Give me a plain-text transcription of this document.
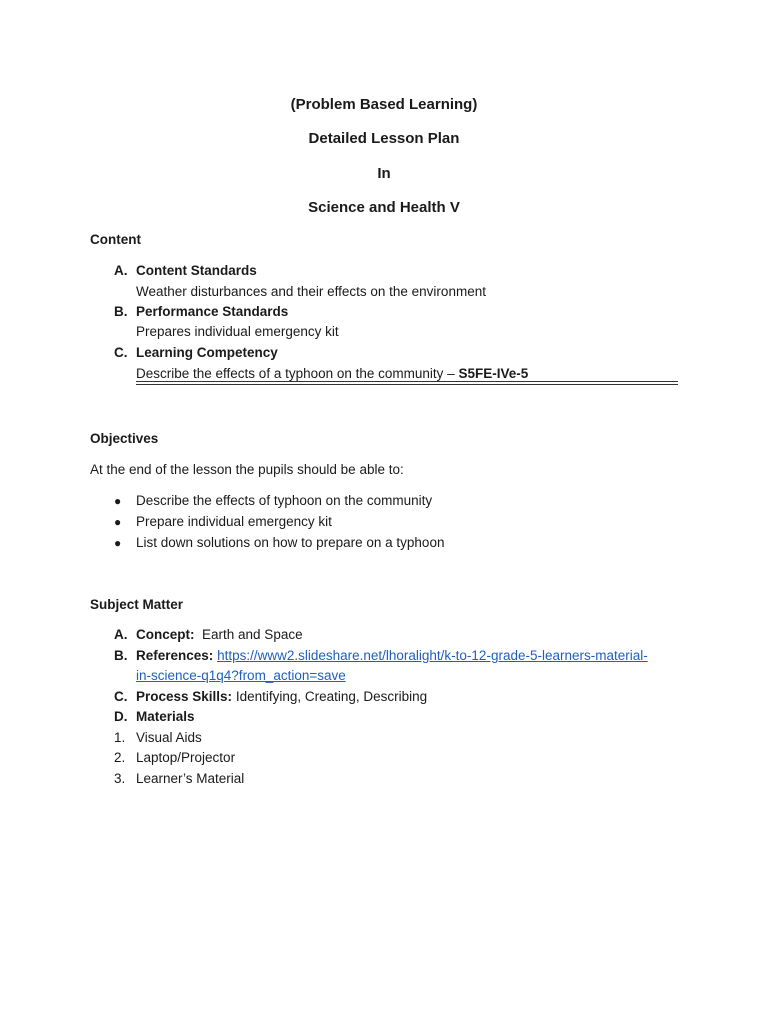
(Problem Based Learning)
Detailed Lesson Plan
In
Science and Health V
Content
A. Content Standards
Weather disturbances and their effects on the environment
B. Performance Standards
Prepares individual emergency kit
C. Learning Competency
Describe the effects of a typhoon on the community – S5FE-IVe-5
Objectives
At the end of the lesson the pupils should be able to:
● Describe the effects of typhoon on the community
● Prepare individual emergency kit
● List down solutions on how to prepare on a typhoon
Subject Matter
A. Concept: Earth and Space
B. References: https://www2.slideshare.net/lhoralight/k-to-12-grade-5-learners-material-
in-science-q1q4?from_action=save
C. Process Skills: Identifying, Creating, Describing
D. Materials
1. Visual Aids
2. Laptop/Projector
3. Learner’s Material
